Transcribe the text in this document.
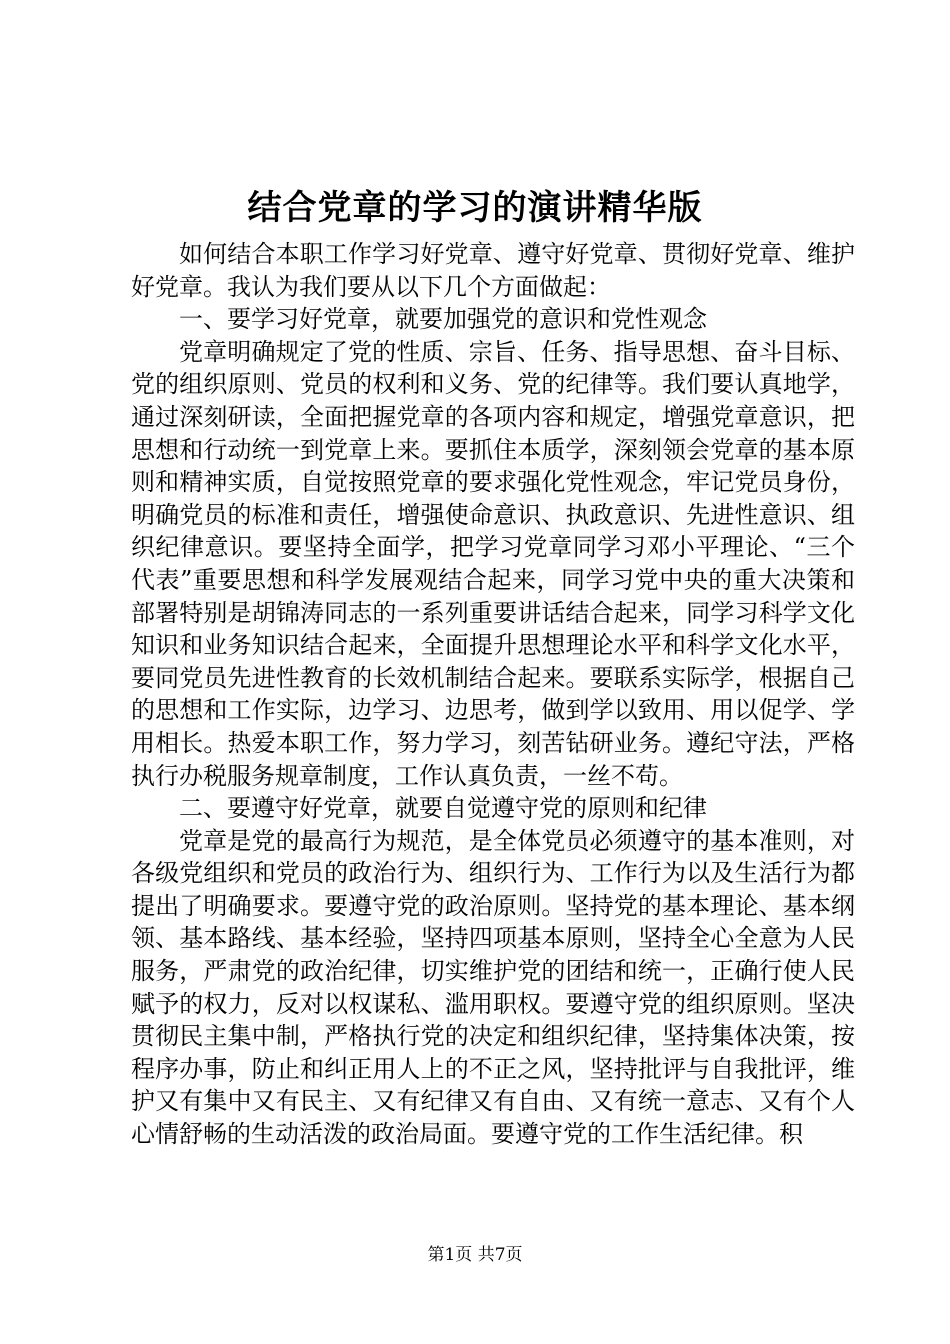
结合党章的学习的演讲精华版

如何结合本职工作学习好党章、遵守好党章、贯彻好党章、维护好党章。我认为我们要从以下几个方面做起：

一、要学习好党章，就要加强党的意识和党性观念

党章明确规定了党的性质、宗旨、任务、指导思想、奋斗目标、党的组织原则、党员的权利和义务、党的纪律等。我们要认真地学，通过深刻研读，全面把握党章的各项内容和规定，增强党章意识，把思想和行动统一到党章上来。要抓住本质学，深刻领会党章的基本原则和精神实质，自觉按照党章的要求强化党性观念，牢记党员身份，明确党员的标准和责任，增强使命意识、执政意识、先进性意识、组织纪律意识。要坚持全面学，把学习党章同学习邓小平理论、“三个代表”重要思想和科学发展观结合起来，同学习党中央的重大决策和部署特别是胡锦涛同志的一系列重要讲话结合起来，同学习科学文化知识和业务知识结合起来，全面提升思想理论水平和科学文化水平，要同党员先进性教育的长效机制结合起来。要联系实际学，根据自己的思想和工作实际，边学习、边思考，做到学以致用、用以促学、学用相长。热爱本职工作，努力学习，刻苦钻研业务。遵纪守法，严格执行办税服务规章制度，工作认真负责，一丝不苟。

二、要遵守好党章，就要自觉遵守党的原则和纪律

党章是党的最高行为规范，是全体党员必须遵守的基本准则，对各级党组织和党员的政治行为、组织行为、工作行为以及生活行为都提出了明确要求。要遵守党的政治原则。坚持党的基本理论、基本纲领、基本路线、基本经验，坚持四项基本原则，坚持全心全意为人民服务，严肃党的政治纪律，切实维护党的团结和统一，正确行使人民赋予的权力，反对以权谋私、滥用职权。要遵守党的组织原则。坚决贯彻民主集中制，严格执行党的决定和组织纪律，坚持集体决策，按程序办事，防止和纠正用人上的不正之风，坚持批评与自我批评，维护又有集中又有民主、又有纪律又有自由、又有统一意志、又有个人心情舒畅的生动活泼的政治局面。要遵守党的工作生活纪律。积

第1页 共7页
